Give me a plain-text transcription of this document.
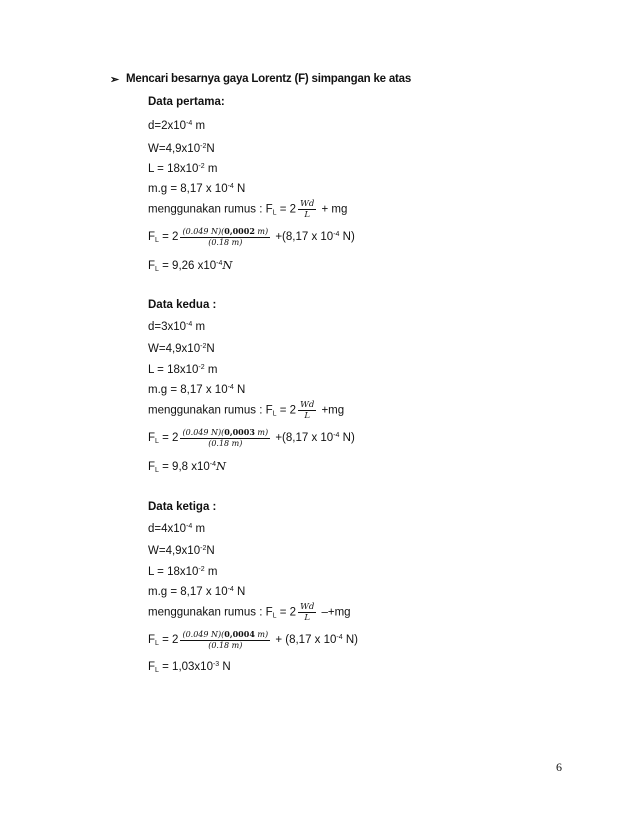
➢ Mencari besarnya gaya Lorentz (F) simpangan ke atas
Data pertama:
$d=2x10^{-4}$ m
$W=4,9x10^{-2}N$
$L = 18x10^{-2}$ m
m.g = 8,17 x $10^{-4}$ N
menggunakan rumus : $F_L = 2 \frac{Wd}{L}$ + mg
$F_L = 2 \frac{(0.049 N)(0,0002 m)}{(0.18 m)} +(8,17$ x $10^{-4}$ N)
$F_L = 9,26$ $x10^{-4}N$
Data kedua :
$d=3x10^{-4}$ m
$W=4,9x10^{-2}N$
$L = 18x10^{-2}$ m
m.g = 8,17 x $10^{-4}$ N
menggunakan rumus : $F_L = 2 \frac{Wd}{L} +mg$
$F_L = 2 \frac{(0.049 N)(0,0003 m)}{(0.18 m)} +(8,17$ x $10^{-4}$ N)
$F_L = 9,8$ $x10^{-4}N$
Data ketiga :
$d=4x10^{-4}$ m
$W=4,9x10^{-2}N$
$L = 18x10^{-2}$ m
m.g = 8,17 x $10^{-4}$ N
menggunakan rumus : $F_L = 2 \frac{Wd}{L} -+mg$
$F_L = 2 \frac{(0.049 N)(0,0004 m)}{(0.18 m)} + (8,17$ x $10^{-4}$ N)
$F_L = 1,03x10^{-3}$ N
6
